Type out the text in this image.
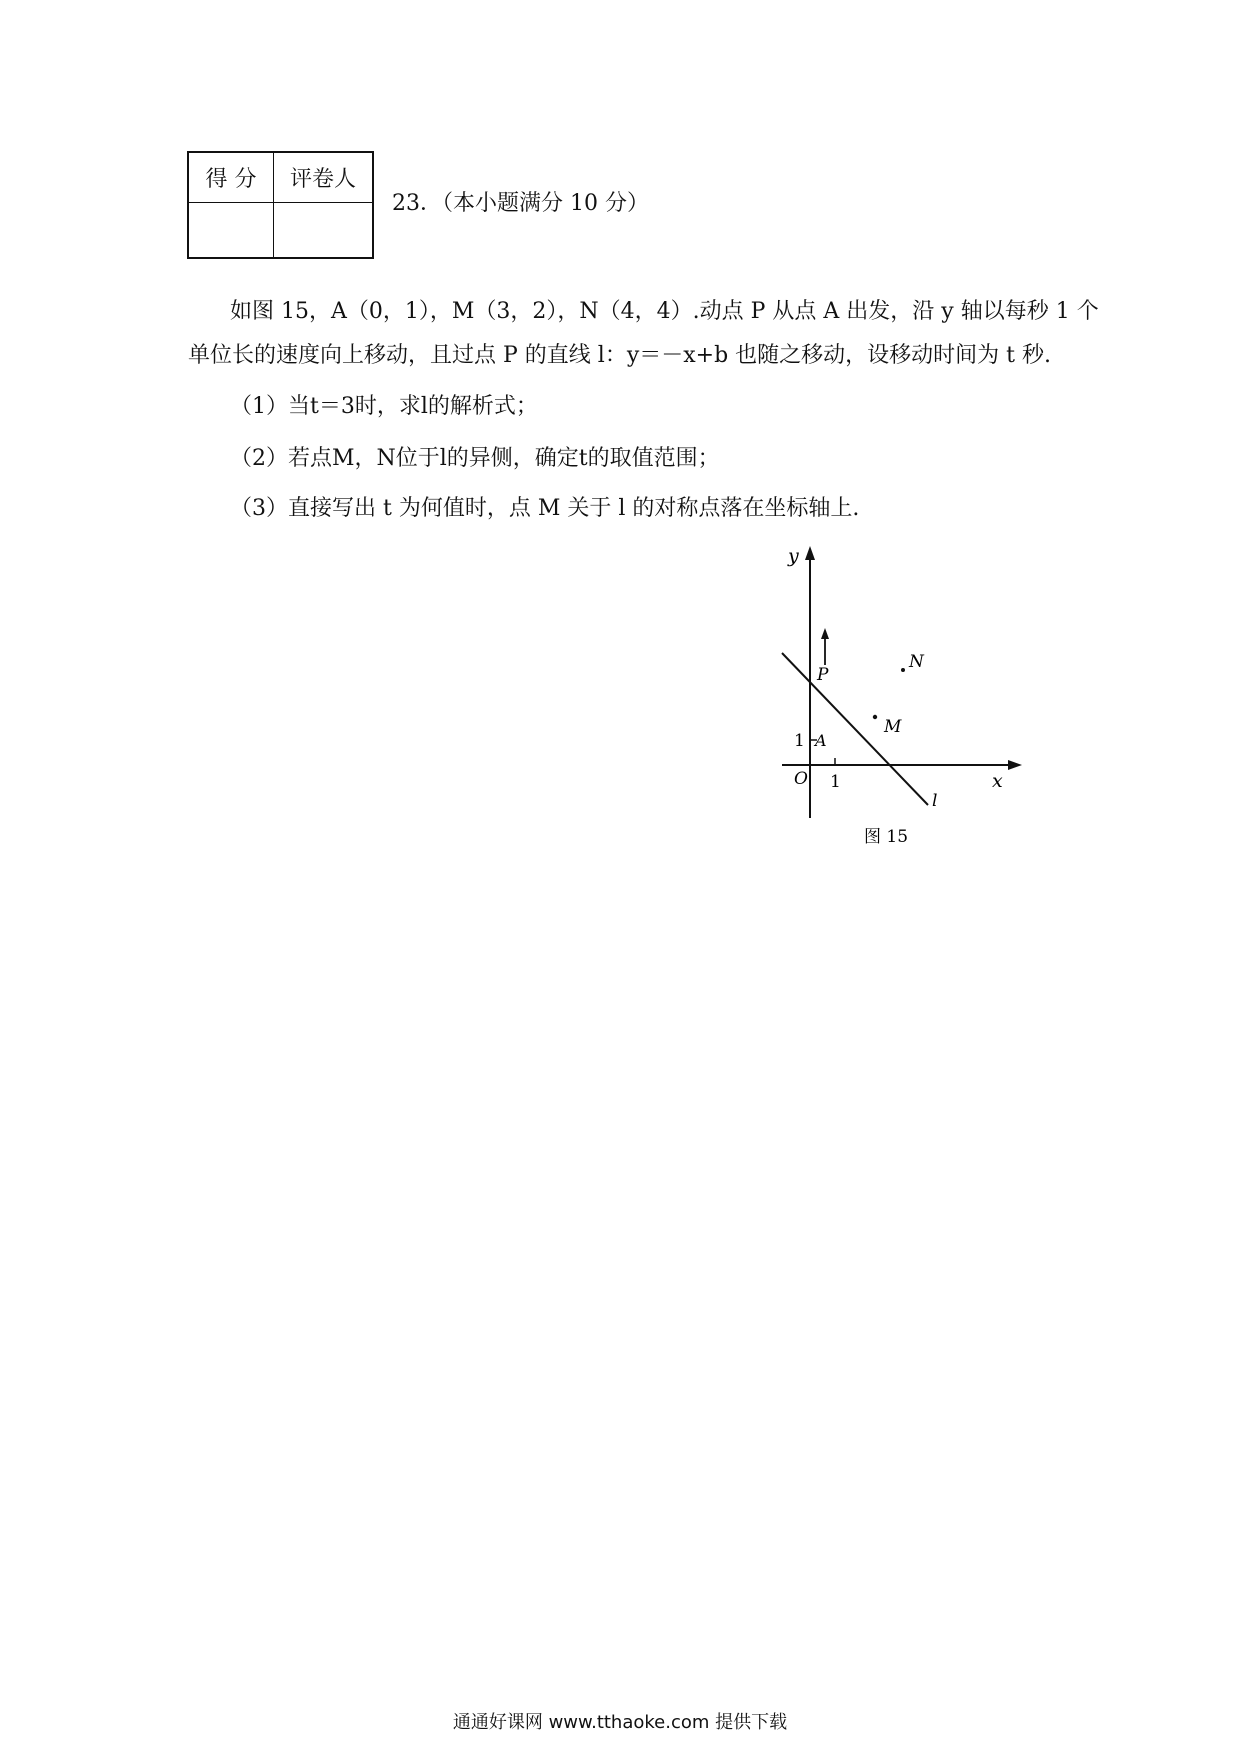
得 分	评卷人
23．（本小题满分 10 分）
如图 15，A（0，1），M（3，2），N（4，4）.动点 P 从点 A 出发，沿 y 轴以每秒 1 个
单位长的速度向上移动，且过点 P 的直线 l：y＝－x+b 也随之移动，设移动时间为 t 秒.
（1）当t＝3时，求l的解析式；
（2）若点M，N位于l的异侧，确定t的取值范围；
（3）直接写出 t 为何值时，点 M 关于 l 的对称点落在坐标轴上.
y
x
O 1
1 A
P
M
N
l
图 15
通通好课网 www.tthaoke.com 提供下载
